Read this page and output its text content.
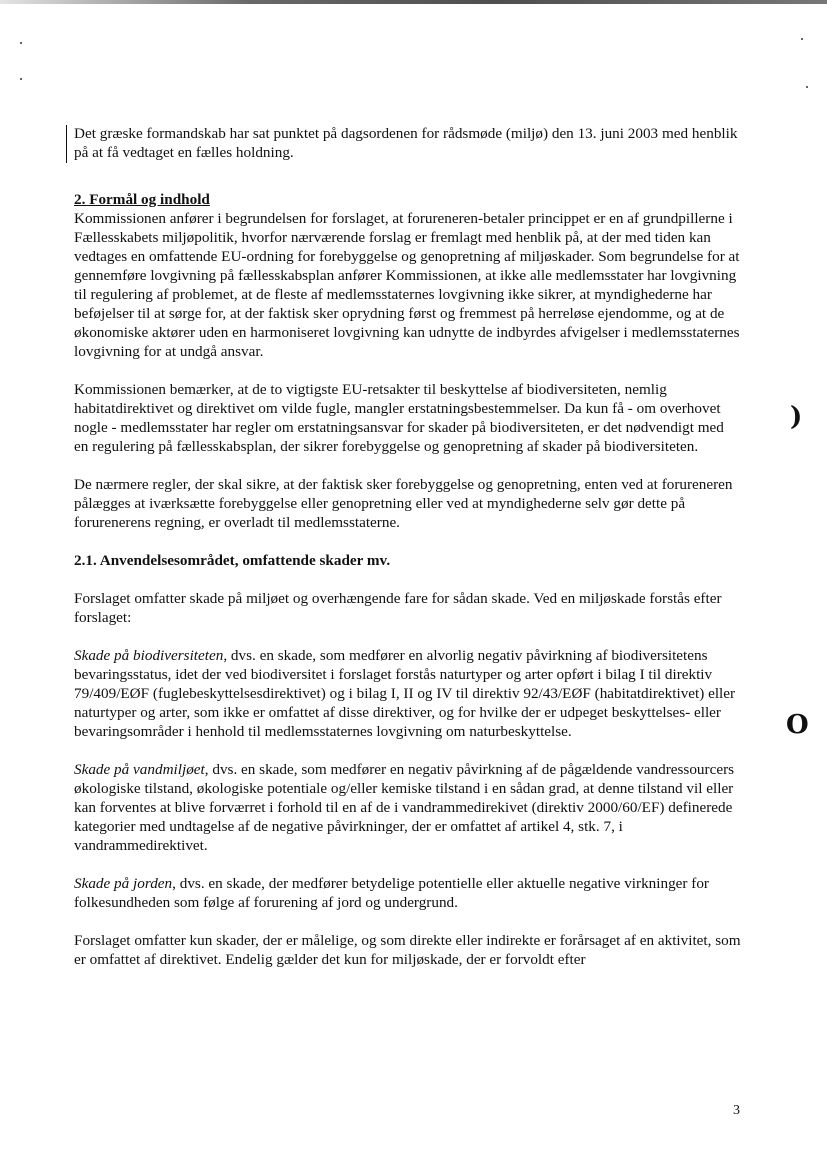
Det græske formandskab har sat punktet på dagsordenen for rådsmøde (miljø) den 13. juni 2003 med henblik på at få vedtaget en fælles holdning.

2. Formål og indhold

Kommissionen anfører i begrundelsen for forslaget, at forureneren-betaler princippet er en af grundpillerne i Fællesskabets miljøpolitik, hvorfor nærværende forslag er fremlagt med henblik på, at der med tiden kan vedtages en omfattende EU-ordning for forebyggelse og genopretning af miljøskader. Som begrundelse for at gennemføre lovgivning på fællesskabsplan anfører Kommissionen, at ikke alle medlemsstater har lovgivning til regulering af problemet, at de fleste af medlemsstaternes lovgivning ikke sikrer, at myndighederne har beføjelser til at sørge for, at der faktisk sker oprydning først og fremmest på herreløse ejendomme, og at de økonomiske aktører uden en harmoniseret lovgivning kan udnytte de indbyrdes afvigelser i medlemsstaternes lovgivning for at undgå ansvar.

Kommissionen bemærker, at de to vigtigste EU-retsakter til beskyttelse af biodiversiteten, nemlig habitatdirektivet og direktivet om vilde fugle, mangler erstatningsbestemmelser. Da kun få - om overhovet nogle - medlemsstater har regler om erstatningsansvar for skader på biodiversiteten, er det nødvendigt med en regulering på fællesskabsplan, der sikrer forebyggelse og genopretning af skader på biodiversiteten.

De nærmere regler, der skal sikre, at der faktisk sker forebyggelse og genopretning, enten ved at forureneren pålægges at iværksætte forebyggelse eller genopretning eller ved at myndighederne selv gør dette på forurenerens regning, er overladt til medlemsstaterne.

2.1. Anvendelsesområdet, omfattende skader mv.

Forslaget omfatter skade på miljøet og overhængende fare for sådan skade. Ved en miljøskade forstås efter forslaget:

Skade på biodiversiteten, dvs. en skade, som medfører en alvorlig negativ påvirkning af biodiversitetens bevaringsstatus, idet der ved biodiversitet i forslaget forstås naturtyper og arter opført i bilag I til direktiv 79/409/EØF (fuglebeskyttelsesdirektivet) og i bilag I, II og IV til direktiv 92/43/EØF (habitatdirektivet) eller naturtyper og arter, som ikke er omfattet af disse direktiver, og for hvilke der er udpeget beskyttelses- eller bevaringsområder i henhold til medlemsstaternes lovgivning om naturbeskyttelse.

Skade på vandmiljøet, dvs. en skade, som medfører en negativ påvirkning af de pågældende vandressourcers økologiske tilstand, økologiske potentiale og/eller kemiske tilstand i en sådan grad, at denne tilstand vil eller kan forventes at blive forværret i forhold til en af de i vandrammedirekivet (direktiv 2000/60/EF) definerede kategorier med undtagelse af de negative påvirkninger, der er omfattet af artikel 4, stk. 7, i vandrammedirektivet.

Skade på jorden, dvs. en skade, der medfører betydelige potentielle eller aktuelle negative virkninger for folkesundheden som følge af forurening af jord og undergrund.

Forslaget omfatter kun skader, der er målelige, og som direkte eller indirekte er forårsaget af en aktivitet, som er omfattet af direktivet. Endelig gælder det kun for miljøskade, der er forvoldt efter

)
O
3
